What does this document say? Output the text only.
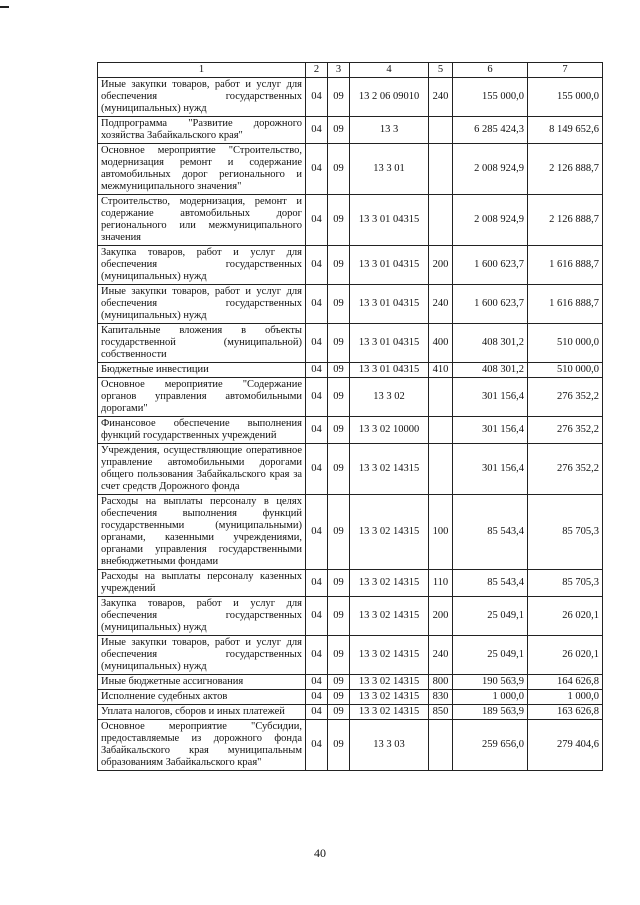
1	2	3	4	5	6	7
Иные закупки товаров, работ и услуг для обеспечения государственных (муниципальных) нужд	04	09	13 2 06 09010	240	155 000,0	155 000,0
Подпрограмма "Развитие дорожного хозяйства Забайкальского края"	04	09	13 3		6 285 424,3	8 149 652,6
Основное мероприятие "Строительство, модернизация ремонт и содержание автомобильных дорог регионального и межмуниципального значения"	04	09	13 3 01		2 008 924,9	2 126 888,7
Строительство, модернизация, ремонт и содержание автомобильных дорог регионального или межмуниципального значения	04	09	13 3 01 04315		2 008 924,9	2 126 888,7
Закупка товаров, работ и услуг для обеспечения государственных (муниципальных) нужд	04	09	13 3 01 04315	200	1 600 623,7	1 616 888,7
Иные закупки товаров, работ и услуг для обеспечения государственных (муниципальных) нужд	04	09	13 3 01 04315	240	1 600 623,7	1 616 888,7
Капитальные вложения в объекты государственной (муниципальной) собственности	04	09	13 3 01 04315	400	408 301,2	510 000,0
Бюджетные инвестиции	04	09	13 3 01 04315	410	408 301,2	510 000,0
Основное мероприятие "Содержание органов управления автомобильными дорогами"	04	09	13 3 02		301 156,4	276 352,2
Финансовое обеспечение выполнения функций государственных учреждений	04	09	13 3 02 10000		301 156,4	276 352,2
Учреждения, осуществляющие оперативное управление автомобильными дорогами общего пользования Забайкальского края за счет средств Дорожного фонда	04	09	13 3 02 14315		301 156,4	276 352,2
Расходы на выплаты персоналу в целях обеспечения выполнения функций государственными (муниципальными) органами, казенными учреждениями, органами управления государственными внебюджетными фондами	04	09	13 3 02 14315	100	85 543,4	85 705,3
Расходы на выплаты персоналу казенных учреждений	04	09	13 3 02 14315	110	85 543,4	85 705,3
Закупка товаров, работ и услуг для обеспечения государственных (муниципальных) нужд	04	09	13 3 02 14315	200	25 049,1	26 020,1
Иные закупки товаров, работ и услуг для обеспечения государственных (муниципальных) нужд	04	09	13 3 02 14315	240	25 049,1	26 020,1
Иные бюджетные ассигнования	04	09	13 3 02 14315	800	190 563,9	164 626,8
Исполнение судебных актов	04	09	13 3 02 14315	830	1 000,0	1 000,0
Уплата налогов, сборов и иных платежей	04	09	13 3 02 14315	850	189 563,9	163 626,8
Основное мероприятие "Субсидии, предоставляемые из дорожного фонда Забайкальского края муниципальным образованиям Забайкальского края"	04	09	13 3 03		259 656,0	279 404,6
40
